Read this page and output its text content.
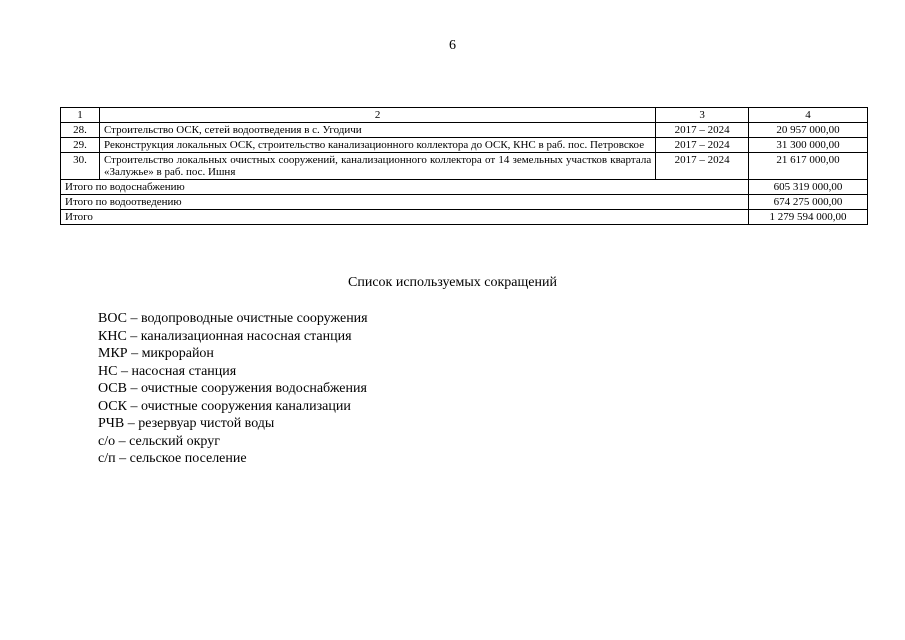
6
1	2	3	4
28.	Строительство ОСК, сетей водоотведения в с. Угодичи	2017 – 2024	20 957 000,00
29.	Реконструкция локальных ОСК, строительство канализационного коллектора до ОСК, КНС в раб. пос. Петровское	2017 – 2024	31 300 000,00
30.	Строительство локальных очистных сооружений, канализационного коллектора от 14 земельных участков квартала «Залужье» в раб. пос. Ишня	2017 – 2024	21 617 000,00
Итого по водоснабжению			605 319 000,00
Итого по водоотведению			674 275 000,00
Итого			1 279 594 000,00
Список используемых сокращений
ВОС – водопроводные очистные сооружения
КНС – канализационная насосная станция
МКР – микрорайон
НС – насосная станция
ОСВ – очистные сооружения водоснабжения
ОСК – очистные сооружения канализации
РЧВ – резервуар чистой воды
с/о – сельский округ
с/п – сельское поселение
